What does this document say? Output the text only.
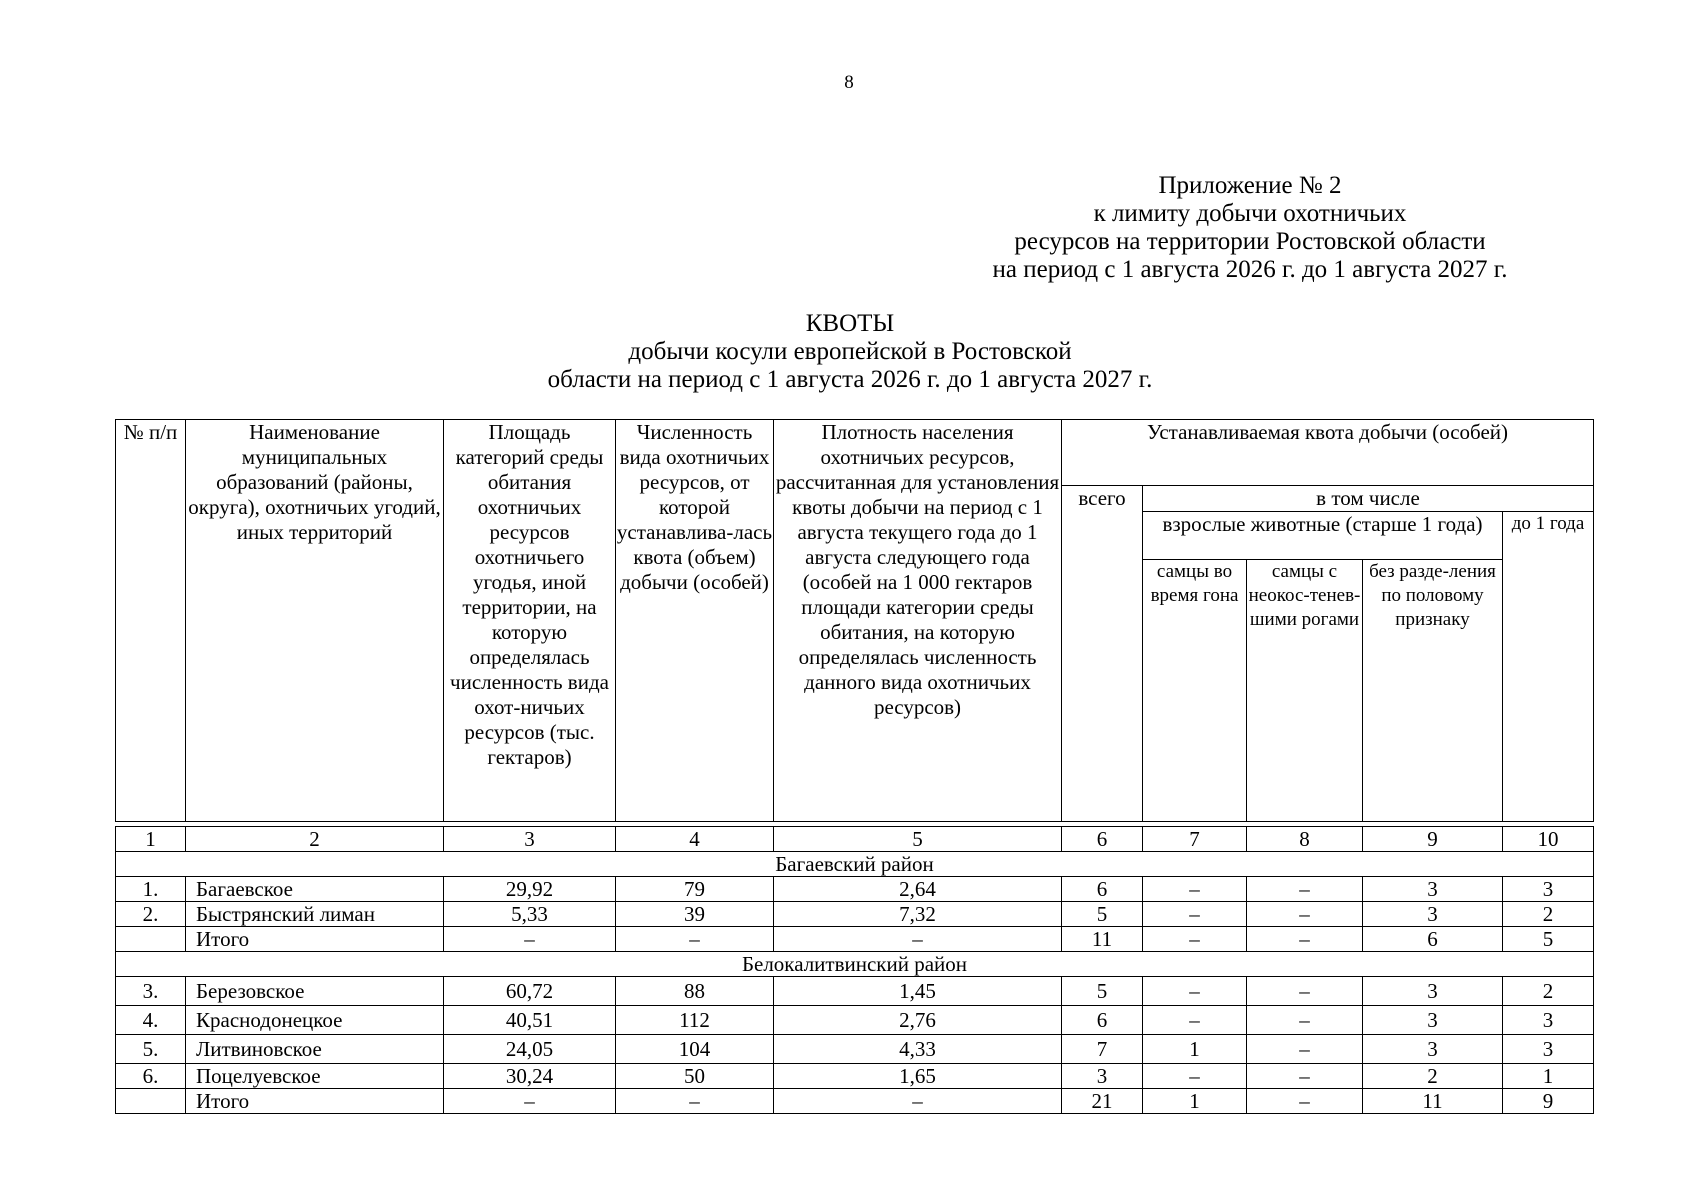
8
Приложение № 2
к лимиту добычи охотничьих
ресурсов на территории Ростовской области
на период с 1 августа 2026 г. до 1 августа 2027 г.
КВОТЫ
добычи косули европейской в Ростовской
области на период с 1 августа 2026 г. до 1 августа 2027 г.
№ п/п	Наименование муниципальных образований (районы, округа), охотничьих угодий, иных территорий	Площадь категорий среды обитания охотничьих ресурсов охотничьего угодья, иной территории, на которую определялась численность вида охот-ничьих ресурсов (тыс. гектаров)	Численность вида охотничьих ресурсов, от которой устанавлива-лась квота (объем) добычи (особей)	Плотность населения охотничьих ресурсов, рассчитанная для установления квоты добычи на период с 1 августа текущего года до 1 августа следующего года (особей на 1 000 гектаров площади категории среды обитания, на которую определялась численность данного вида охотничьих ресурсов)	Устанавливаемая квота добычи (особей)				
					всего	в том числе			
						взрослые животные (старше 1 года)			до 1 года
						самцы во время гона	самцы с неокос-тенев-шими рогами	без разде-ления по половому признаку	
1	2	3	4	5	6	7	8	9	10
Багаевский район									
1.	Багаевское	29,92	79	2,64	6	–	–	3	3
2.	Быстрянский лиман	5,33	39	7,32	5	–	–	3	2
	Итого	–	–	–	11	–	–	6	5
Белокалитвинский район									
3.	Березовское	60,72	88	1,45	5	–	–	3	2
4.	Краснодонецкое	40,51	112	2,76	6	–	–	3	3
5.	Литвиновское	24,05	104	4,33	7	1	–	3	3
6.	Поцелуевское	30,24	50	1,65	3	–	–	2	1
	Итого	–	–	–	21	1	–	11	9
